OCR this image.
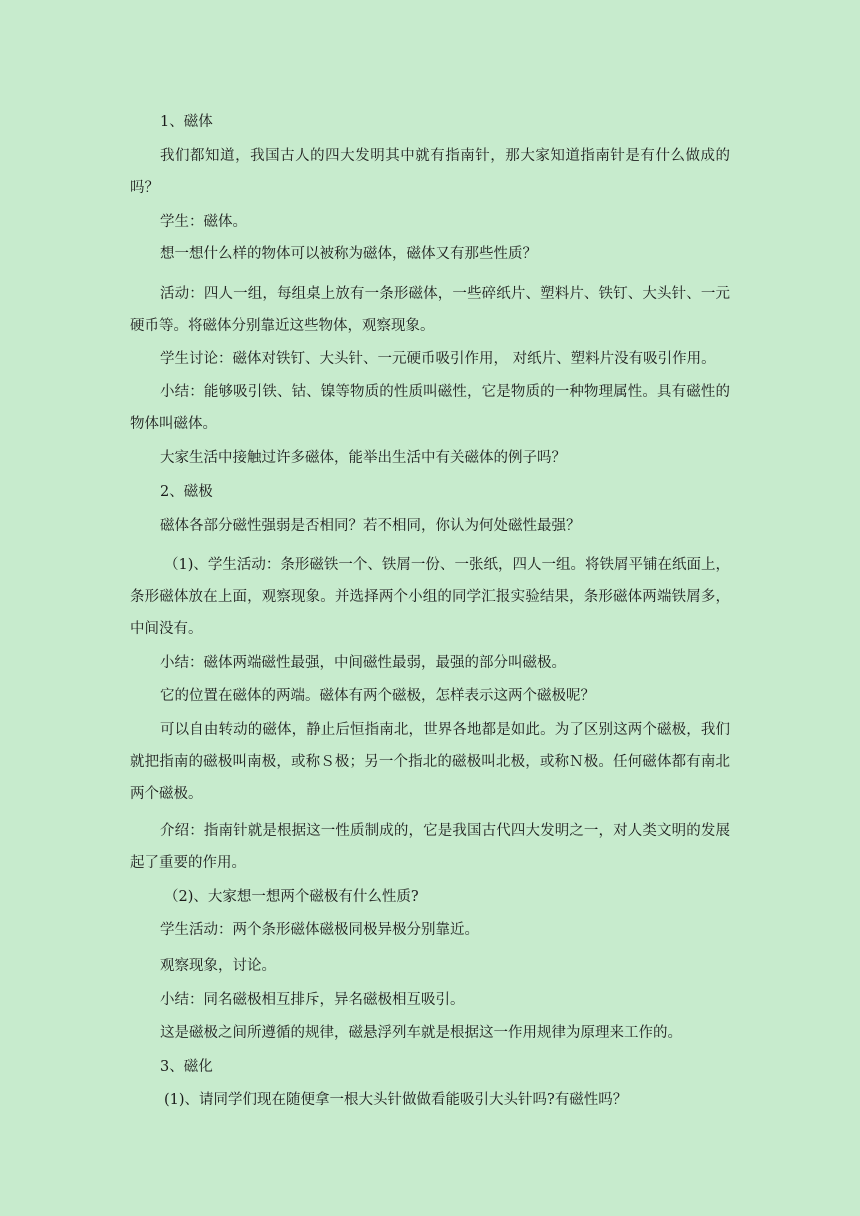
1、磁体

我们都知道，我国古人的四大发明其中就有指南针，那大家知道指南针是有什么做成的吗？

学生：磁体。

想一想什么样的物体可以被称为磁体，磁体又有那些性质？

活动：四人一组，每组桌上放有一条形磁体，一些碎纸片、塑料片、铁钉、大头针、一元硬币等。将磁体分别靠近这些物体，观察现象。

学生讨论：磁体对铁钉、大头针、一元硬币吸引作用， 对纸片、塑料片没有吸引作用。

小结：能够吸引铁、钴、镍等物质的性质叫磁性，它是物质的一种物理属性。具有磁性的物体叫磁体。

大家生活中接触过许多磁体，能举出生活中有关磁体的例子吗？

2、磁极

磁体各部分磁性强弱是否相同？若不相同，你认为何处磁性最强？

（1)、学生活动：条形磁铁一个、铁屑一份、一张纸，四人一组。将铁屑平铺在纸面上，条形磁体放在上面，观察现象。并选择两个小组的同学汇报实验结果，条形磁体两端铁屑多，中间没有。

小结：磁体两端磁性最强，中间磁性最弱，最强的部分叫磁极。

它的位置在磁体的两端。磁体有两个磁极，怎样表示这两个磁极呢？

可以自由转动的磁体，静止后恒指南北，世界各地都是如此。为了区别这两个磁极，我们就把指南的磁极叫南极，或称Ｓ极；另一个指北的磁极叫北极，或称Ｎ极。任何磁体都有南北两个磁极。

介绍：指南针就是根据这一性质制成的，它是我国古代四大发明之一，对人类文明的发展起了重要的作用。

（2)、大家想一想两个磁极有什么性质?

学生活动：两个条形磁体磁极同极异极分别靠近。

观察现象，讨论。

小结：同名磁极相互排斥，异名磁极相互吸引。

这是磁极之间所遵循的规律，磁悬浮列车就是根据这一作用规律为原理来工作的。

3、磁化

(1)、请同学们现在随便拿一根大头针做做看能吸引大头针吗?有磁性吗？
